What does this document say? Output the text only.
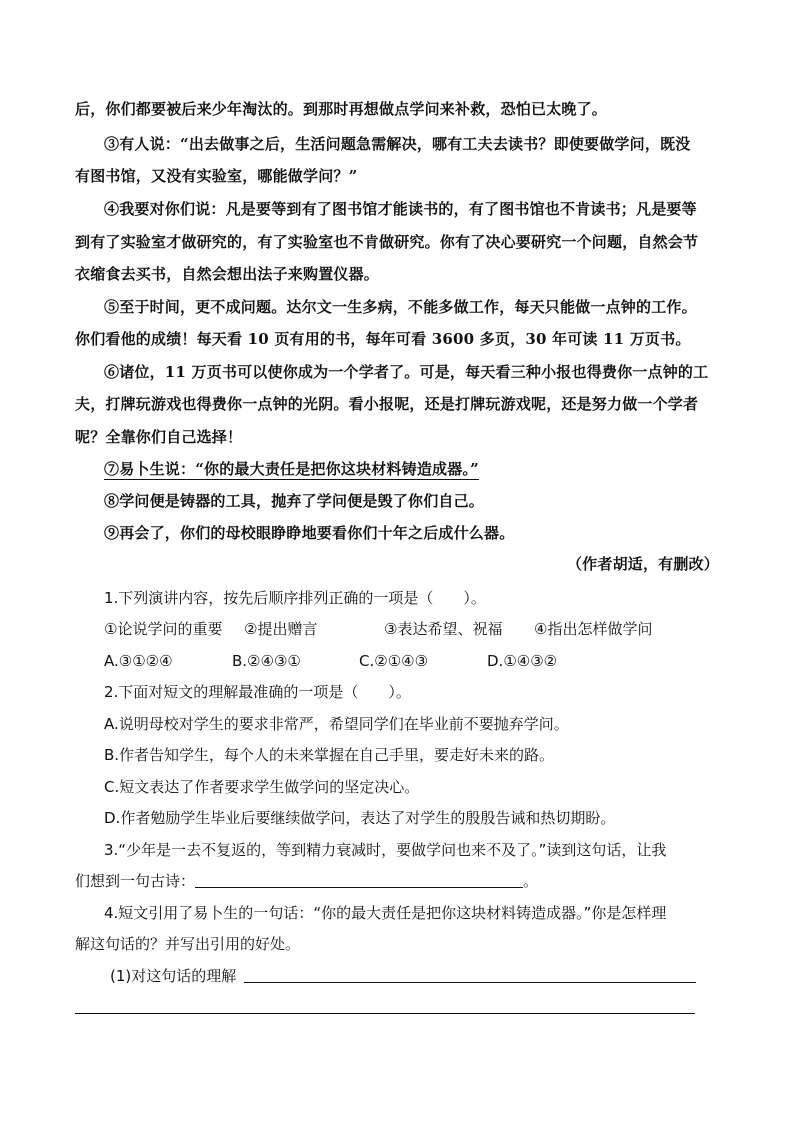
后，你们都要被后来少年淘汰的。到那时再想做点学问来补救，恐怕已太晚了。
③有人说：“出去做事之后，生活问题急需解决，哪有工夫去读书？即使要做学问，既没
有图书馆，又没有实验室，哪能做学问？”
④我要对你们说：凡是要等到有了图书馆才能读书的，有了图书馆也不肯读书；凡是要等
到有了实验室才做研究的，有了实验室也不肯做研究。你有了决心要研究一个问题，自然会节
衣缩食去买书，自然会想出法子来购置仪器。
⑤至于时间，更不成问题。达尔文一生多病，不能多做工作，每天只能做一点钟的工作。
你们看他的成绩！每天看 10 页有用的书，每年可看 3600 多页，30 年可读 11 万页书。
⑥诸位，11 万页书可以使你成为一个学者了。可是，每天看三种小报也得费你一点钟的工
夫，打牌玩游戏也得费你一点钟的光阴。看小报呢，还是打牌玩游戏呢，还是努力做一个学者
呢？全靠你们自己选择！
⑦易卜生说：“你的最大责任是把你这块材料铸造成器。”
⑧学问便是铸器的工具，抛弃了学问便是毁了你们自己。
⑨再会了，你们的母校眼睁睁地要看你们十年之后成什么器。
（作者胡适，有删改）
1.下列演讲内容，按先后顺序排列正确的一项是（　　）。
①论说学问的重要 ②提出赠言	③表达希望、祝福 ④指出怎样做学问
A.③①②④	B.②④③①	C.②①④③	D.①④③②
2.下面对短文的理解最准确的一项是（　　）。
A.说明母校对学生的要求非常严，希望同学们在毕业前不要抛弃学问。
B.作者告知学生，每个人的未来掌握在自己手里，要走好未来的路。
C.短文表达了作者要求学生做学问的坚定决心。
D.作者勉励学生毕业后要继续做学问，表达了对学生的殷殷告诫和热切期盼。
3.“少年是一去不复返的，等到精力衰减时，要做学问也来不及了。”读到这句话，让我
们想到一句古诗：	。
4.短文引用了易卜生的一句话：“你的最大责任是把你这块材料铸造成器。”你是怎样理
解这句话的？并写出引用的好处。
(1)对这句话的理解
